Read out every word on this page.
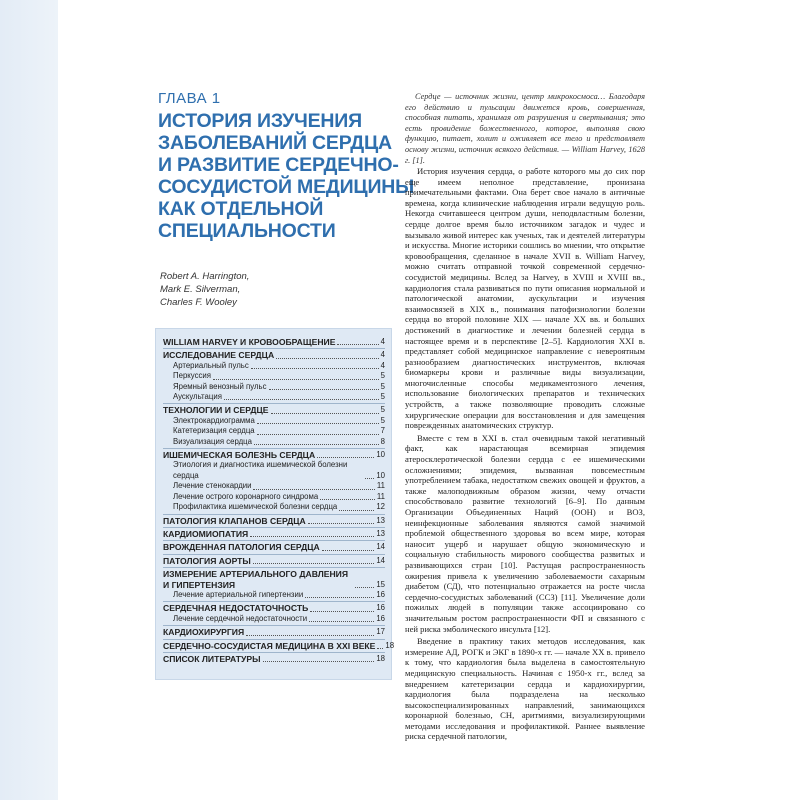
ГЛАВА 1
ИСТОРИЯ ИЗУЧЕНИЯ
ЗАБОЛЕВАНИЙ СЕРДЦА
И РАЗВИТИЕ СЕРДЕЧНО-
СОСУДИСТОЙ МЕДИЦИНЫ
КАК ОТДЕЛЬНОЙ
СПЕЦИАЛЬНОСТИ
Robert A. Harrington,
Mark E. Silverman,
Charles F. Wooley
WILLIAM HARVEY И КРОВООБРАЩЕНИЕ	4
ИССЛЕДОВАНИЕ СЕРДЦА	4
Артериальный пульс	4
Перкуссия	5
Яремный венозный пульс	5
Аускультация	5
ТЕХНОЛОГИИ И СЕРДЦЕ	5
Электрокардиограмма	5
Катетеризация сердца	7
Визуализация сердца	8
ИШЕМИЧЕСКАЯ БОЛЕЗНЬ СЕРДЦА	10
Этиология и диагностика ишемической болезни сердца	10
Лечение стенокардии	11
Лечение острого коронарного синдрома	11
Профилактика ишемической болезни сердца	12
ПАТОЛОГИЯ КЛАПАНОВ СЕРДЦА	13
КАРДИОМИОПАТИЯ	13
ВРОЖДЕННАЯ ПАТОЛОГИЯ СЕРДЦА	14
ПАТОЛОГИЯ АОРТЫ	14
ИЗМЕРЕНИЕ АРТЕРИАЛЬНОГО ДАВЛЕНИЯ И ГИПЕРТЕНЗИЯ	15
Лечение артериальной гипертензии	16
СЕРДЕЧНАЯ НЕДОСТАТОЧНОСТЬ	16
Лечение сердечной недостаточности	16
КАРДИОХИРУРГИЯ	17
СЕРДЕЧНО-СОСУДИСТАЯ МЕДИЦИНА В XXI ВЕКЕ 18
СПИСОК ЛИТЕРАТУРЫ	18

Сердце — источник жизни, центр микрокосмоса… Благодаря его действию и пульсации движется кровь, совершенная, способная питать, хранимая от разрушения и свертывания; это есть провидение божественного, которое, выполняя свою функцию, питает, холит и оживляет все тело и представляет основу жизни, источник всякого действия. — William Harvey, 1628 г. [1].

История изучения сердца, о работе которого мы до сих пор еще имеем неполное представление, пронизана примечательными фактами. Она берет свое начало в античные времена, когда клинические наблюдения играли ведущую роль. Некогда считавшееся центром души, неподвластным болезни, сердце долгое время было источником загадок и чудес и вызывало живой интерес как ученых, так и деятелей литературы и искусства. Многие историки сошлись во мнении, что открытие кровообращения, сделанное в начале XVII в. William Harvey, можно считать отправной точкой современной сердечно-сосудистой медицины. Вслед за Harvey, в XVIII и XVIII вв., кардиология стала развиваться по пути описания нормальной и патологической анатомии, аускультации и изучения взаимосвязей в XIX в., понимания патофизиологии болезни сердца во второй половине XIX — начале XX вв. и больших достижений в диагностике и лечении болезней сердца в настоящее время и в перспективе [2–5]. Кардиология XXI в. представляет собой медицинское направление с невероятным разнообразием диагностических инструментов, включая биомаркеры крови и различные виды визуализации, многочисленные способы медикаментозного лечения, использование биологических препаратов и технических устройств, а также позволяющие проводить сложные хирургические операции для восстановления и для замещения поврежденных анатомических структур.

Вместе с тем в XXI в. стал очевидным такой негативный факт, как нарастающая всемирная эпидемия атеросклеротической болезни сердца с ее ишемическими осложнениями; эпидемия, вызванная повсеместным употреблением табака, недостатком свежих овощей и фруктов, а также малоподвижным образом жизни, чему отчасти способствовало развитие технологий [6–9]. По данным Организации Объединенных Наций (ООН) и ВОЗ, неинфекционные заболевания являются самой значимой проблемой общественного здоровья во всем мире, которая наносит ущерб и нарушает общую экономическую и социальную стабильность мирового сообщества развитых и развивающихся стран [10]. Растущая распространенность ожирения привела к увеличению заболеваемости сахарным диабетом (СД), что потенциально отражается на росте числа сердечно-сосудистых заболеваний (ССЗ) [11]. Увеличение доли пожилых людей в популяции также ассоциировано со значительным ростом распространенности ФП и связанного с ней риска эмболического инсульта [12].

Введение в практику таких методов исследования, как измерение АД, РОГК и ЭКГ в 1890-х гг. — начале XX в. привело к тому, что кардиология была выделена в самостоятельную медицинскую специальность. Начиная с 1950-х гг., вслед за внедрением катетеризации сердца и кардиохирургии, кардиология была подразделена на несколько высокоспециализированных направлений, занимающихся коронарной болезнью, СН, аритмиями, визуализирующими методами исследования и профилактикой. Раннее выявление риска сердечной патологии,
